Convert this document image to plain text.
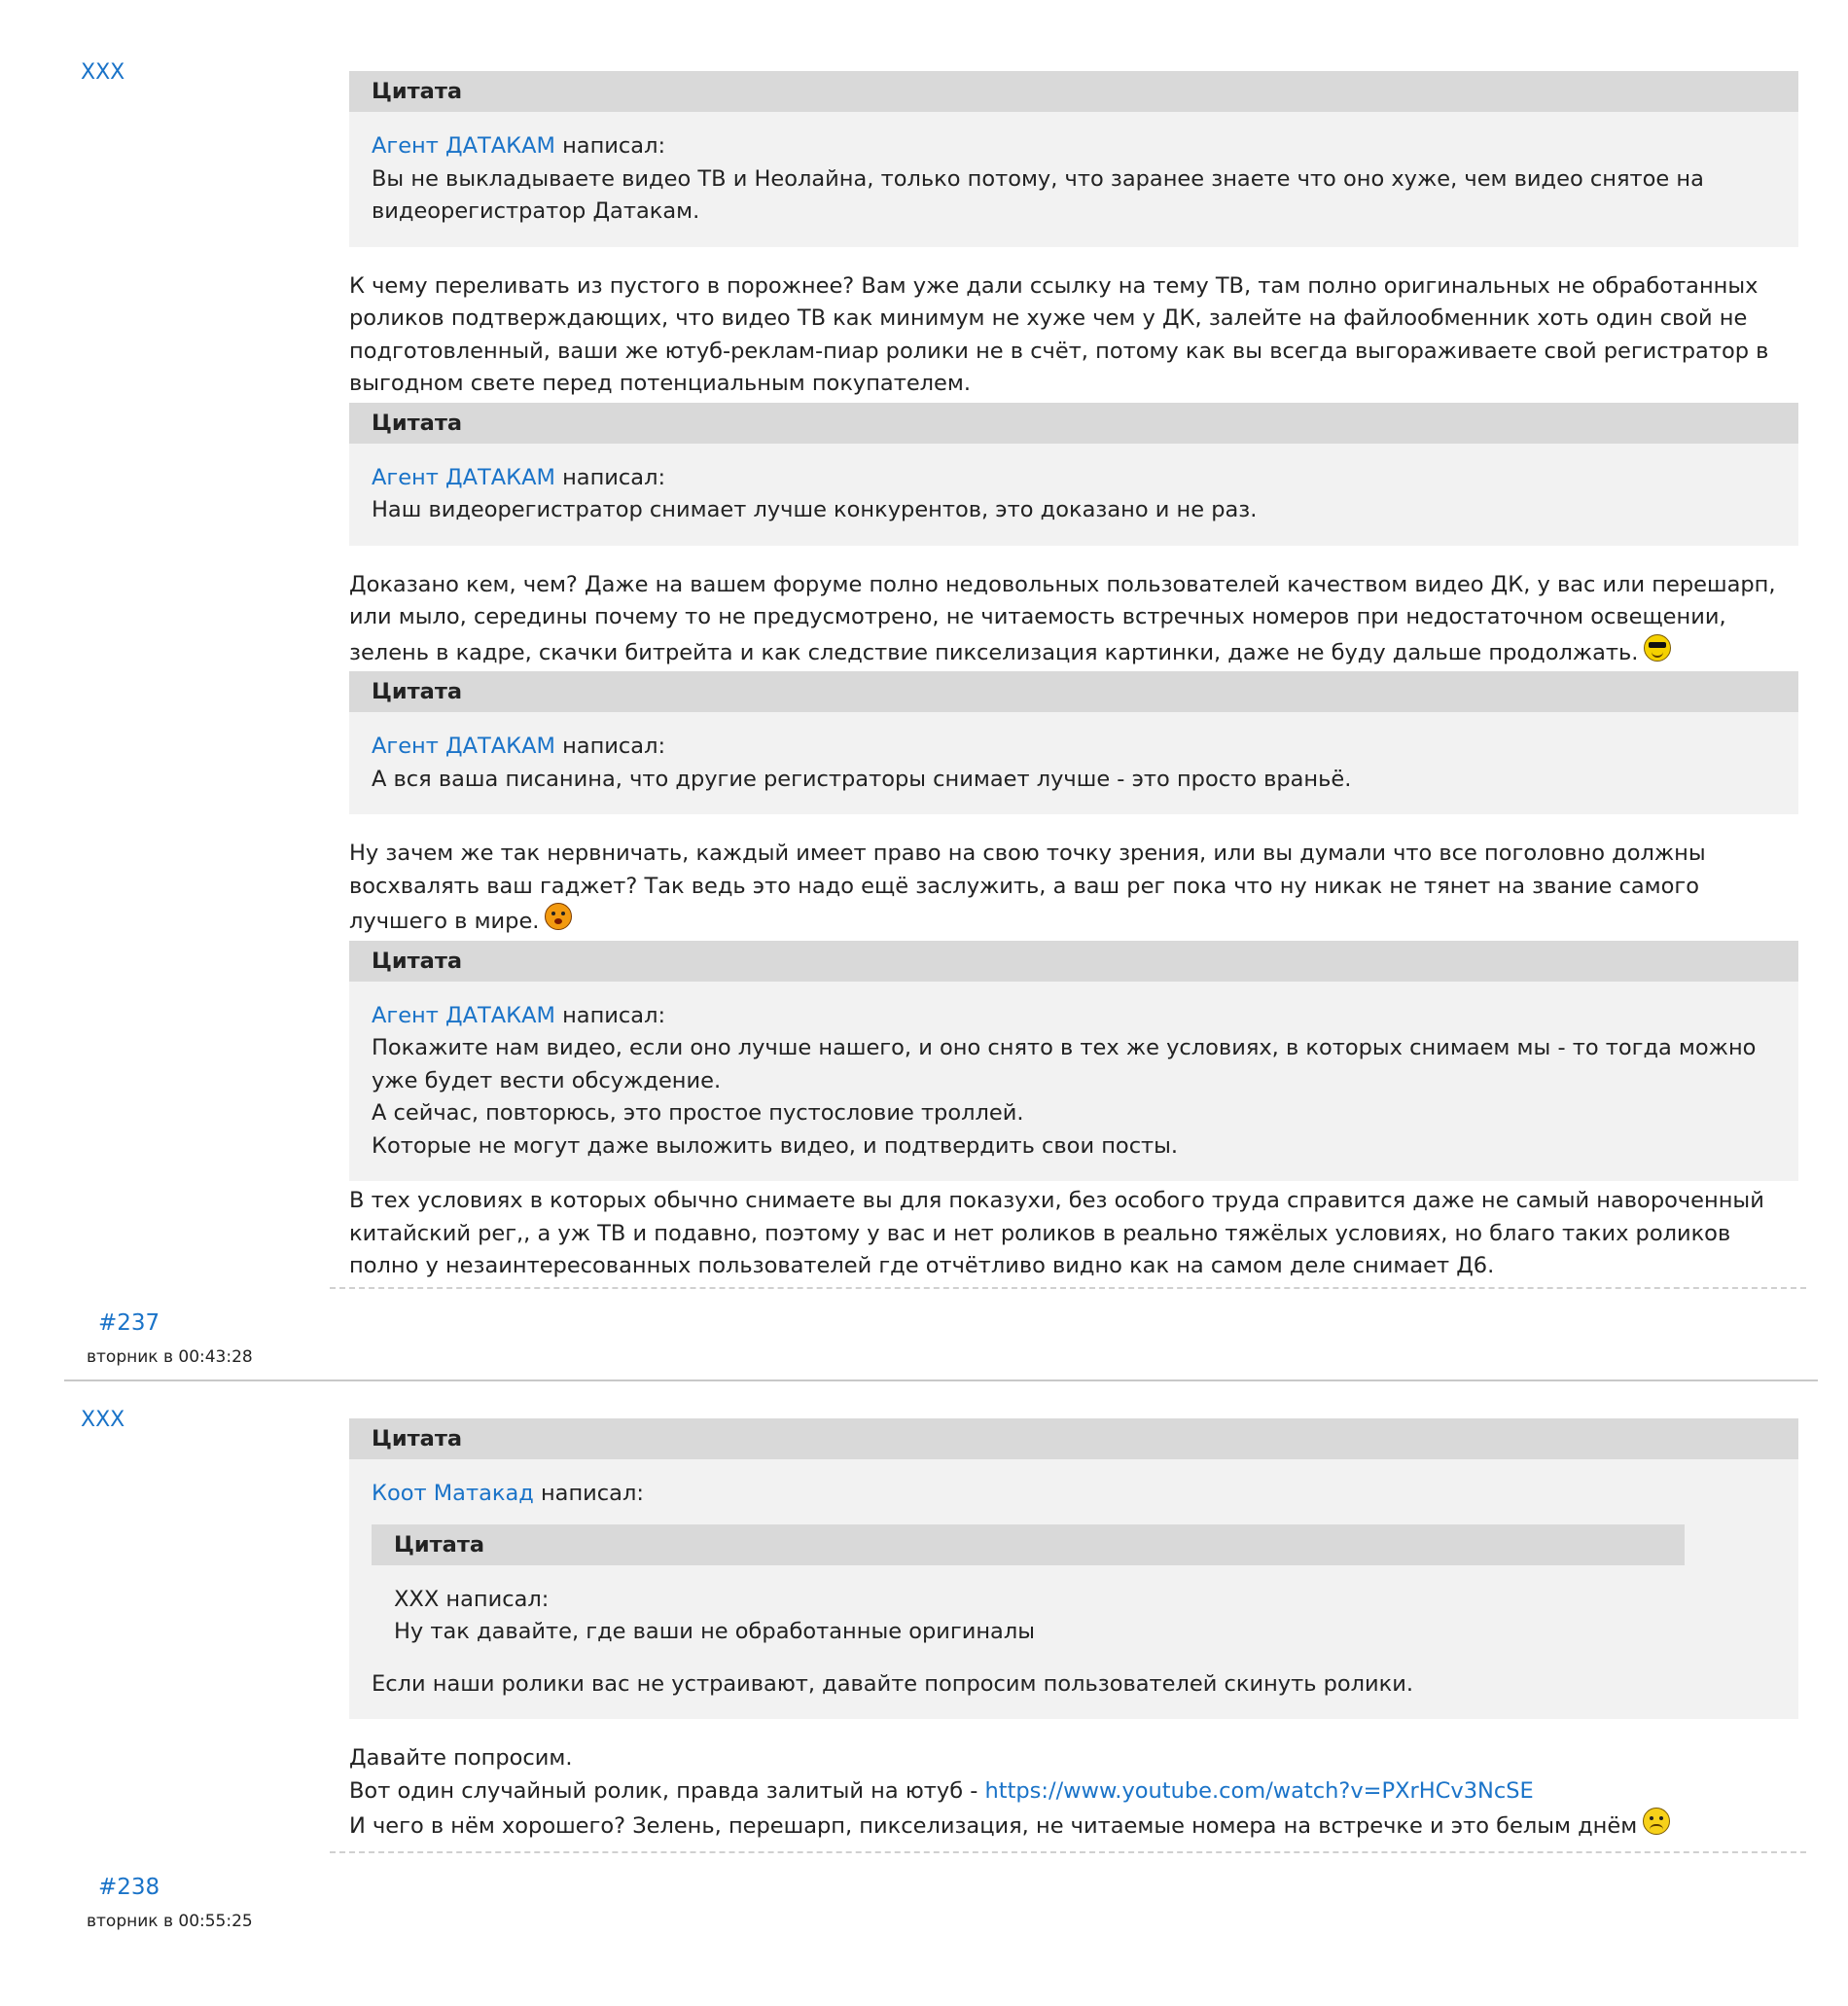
XXX
Цитата
Агент ДАТАКАМ написал:
Вы не выкладываете видео ТВ и Неолайна, только потому, что заранее знаете что оно хуже, чем видео снятое на видеорегистратор Датакам.

К чему переливать из пустого в порожнее? Вам уже дали ссылку на тему ТВ, там полно оригинальных не обработанных роликов подтверждающих, что видео ТВ как минимум не хуже чем у ДК, залейте на файлообменник хоть один свой не подготовленный, ваши же ютуб-реклам-пиар ролики не в счёт, потому как вы всегда выгораживаете свой регистратор в выгодном свете перед потенциальным покупателем.

Цитата
Агент ДАТАКАМ написал:
Наш видеорегистратор снимает лучше конкурентов, это доказано и не раз.

Доказано кем, чем? Даже на вашем форуме полно недовольных пользователей качеством видео ДК, у вас или перешарп, или мыло, середины почему то не предусмотрено, не читаемость встречных номеров при недостаточном освещении, зелень в кадре, скачки битрейта и как следствие пикселизация картинки, даже не буду дальше продолжать.

Цитата
Агент ДАТАКАМ написал:
А вся ваша писанина, что другие регистраторы снимает лучше - это просто враньё.

Ну зачем же так нервничать, каждый имеет право на свою точку зрения, или вы думали что все поголовно должны восхвалять ваш гаджет? Так ведь это надо ещё заслужить, а ваш рег пока что ну никак не тянет на звание самого лучшего в мире.

Цитата
Агент ДАТАКАМ написал:
Покажите нам видео, если оно лучше нашего, и оно снято в тех же условиях, в которых снимаем мы - то тогда можно уже будет вести обсуждение.
А сейчас, повторюсь, это простое пустословие троллей.
Которые не могут даже выложить видео, и подтвердить свои посты.

В тех условиях в которых обычно снимаете вы для показухи, без особого труда справится даже не самый навороченный китайский рег,, а уж ТВ и подавно, поэтому у вас и нет роликов в реально тяжёлых условиях, но благо таких роликов полно у незаинтересованных пользователей где отчётливо видно как на самом деле снимает Д6.

#237
вторник в 00:43:28
XXX
Цитата
Коот Матакад написал:
Цитата
XXX написал:
Ну так давайте, где ваши не обработанные оригиналы
Если наши ролики вас не устраивают, давайте попросим пользователей скинуть ролики.
Давайте попросим.
Вот один случайный ролик, правда залитый на ютуб - https://www.youtube.com/watch?v=PXrHCv3NcSE
И чего в нём хорошего? Зелень, перешарп, пикселизация, не читаемые номера на встречке и это белым днём
#238
вторник в 00:55:25
